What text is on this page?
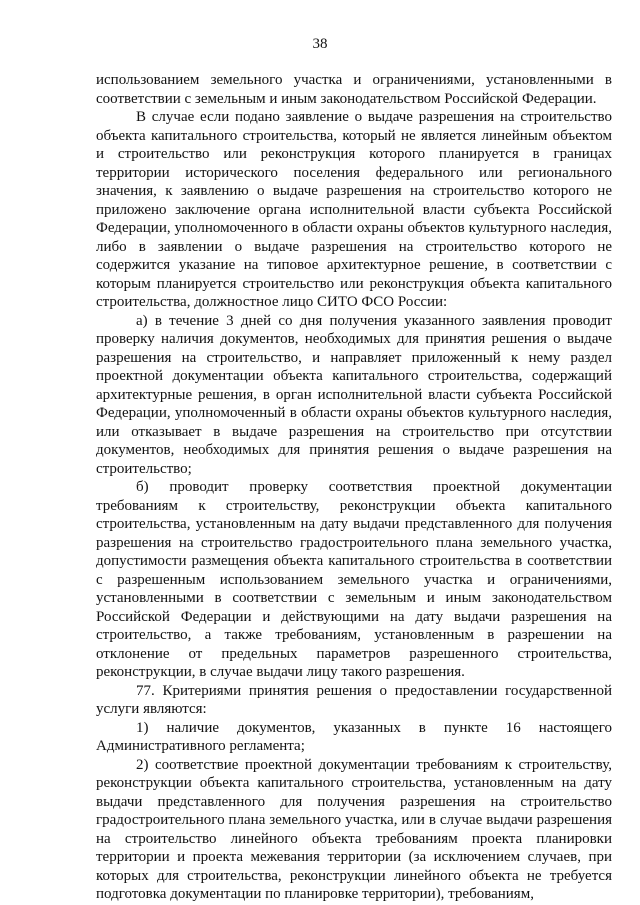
38

использованием земельного участка и ограничениями, установленными в соответствии с земельным и иным законодательством Российской Федерации.

В случае если подано заявление о выдаче разрешения на строительство объекта капитального строительства, который не является линейным объектом и строительство или реконструкция которого планируется в границах территории исторического поселения федерального или регионального значения, к заявлению о выдаче разрешения на строительство которого не приложено заключение органа исполнительной власти субъекта Российской Федерации, уполномоченного в области охраны объектов культурного наследия, либо в заявлении о выдаче разрешения на строительство которого не содержится указание на типовое архитектурное решение, в соответствии с которым планируется строительство или реконструкция объекта капитального строительства, должностное лицо СИТО ФСО России:

а) в течение 3 дней со дня получения указанного заявления проводит проверку наличия документов, необходимых для принятия решения о выдаче разрешения на строительство, и направляет приложенный к нему раздел проектной документации объекта капитального строительства, содержащий архитектурные решения, в орган исполнительной власти субъекта Российской Федерации, уполномоченный в области охраны объектов культурного наследия, или отказывает в выдаче разрешения на строительство при отсутствии документов, необходимых для принятия решения о выдаче разрешения на строительство;

б) проводит проверку соответствия проектной документации требованиям к строительству, реконструкции объекта капитального строительства, установленным на дату выдачи представленного для получения разрешения на строительство градостроительного плана земельного участка, допустимости размещения объекта капитального строительства в соответствии с разрешенным использованием земельного участка и ограничениями, установленными в соответствии с земельным и иным законодательством Российской Федерации и действующими на дату выдачи разрешения на строительство, а также требованиям, установленным в разрешении на отклонение от предельных параметров разрешенного строительства, реконструкции, в случае выдачи лицу такого разрешения.

77. Критериями принятия решения о предоставлении государственной услуги являются:

1) наличие документов, указанных в пункте 16 настоящего Административного регламента;

2) соответствие проектной документации требованиям к строительству, реконструкции объекта капитального строительства, установленным на дату выдачи представленного для получения разрешения на строительство градостроительного плана земельного участка, или в случае выдачи разрешения на строительство линейного объекта требованиям проекта планировки территории и проекта межевания территории (за исключением случаев, при которых для строительства, реконструкции линейного объекта не требуется подготовка документации по планировке территории), требованиям,
